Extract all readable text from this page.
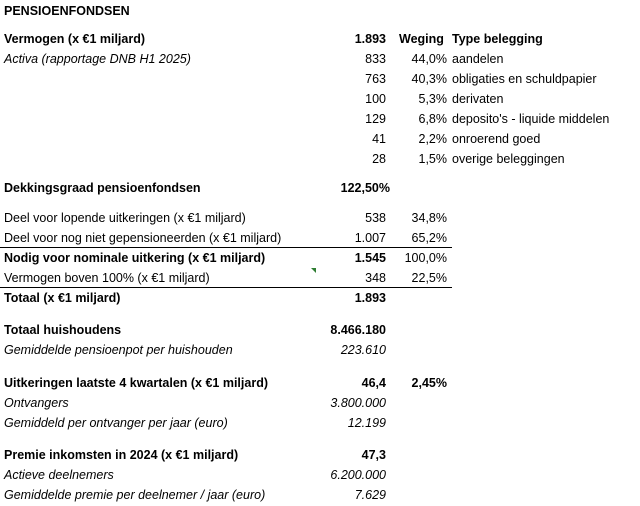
PENSIOENFONDSEN
Vermogen (x €1 miljard)	1.893 Weging Type belegging
Activa (rapportage DNB H1 2025)	833 44,0% aandelen
763 40,3% obligaties en schuldpapier
100	5,3% derivaten
129	6,8% deposito's - liquide middelen
41	2,2% onroerend goed
28	1,5% overige beleggingen
Dekkingsgraad pensioenfondsen	122,50%
Deel voor lopende uitkeringen (x €1 miljard)	538 34,8%
Deel voor nog niet gepensioneerden (x €1 miljard)	1.007 65,2%
Nodig voor nominale uitkering (x €1 miljard)	1.545 100,0%
Vermogen boven 100% (x €1 miljard)	348 22,5%
Totaal (x €1 miljard)	1.893
Totaal huishoudens	8.466.180
Gemiddelde pensioenpot per huishouden	223.610
Uitkeringen laatste 4 kwartalen (x €1 miljard)	46,4 2,45%
Ontvangers	3.800.000
Gemiddeld per ontvanger per jaar (euro)	12.199
Premie inkomsten in 2024 (x €1 miljard)	47,3
Actieve deelnemers	6.200.000
Gemiddelde premie per deelnemer / jaar (euro)	7.629
